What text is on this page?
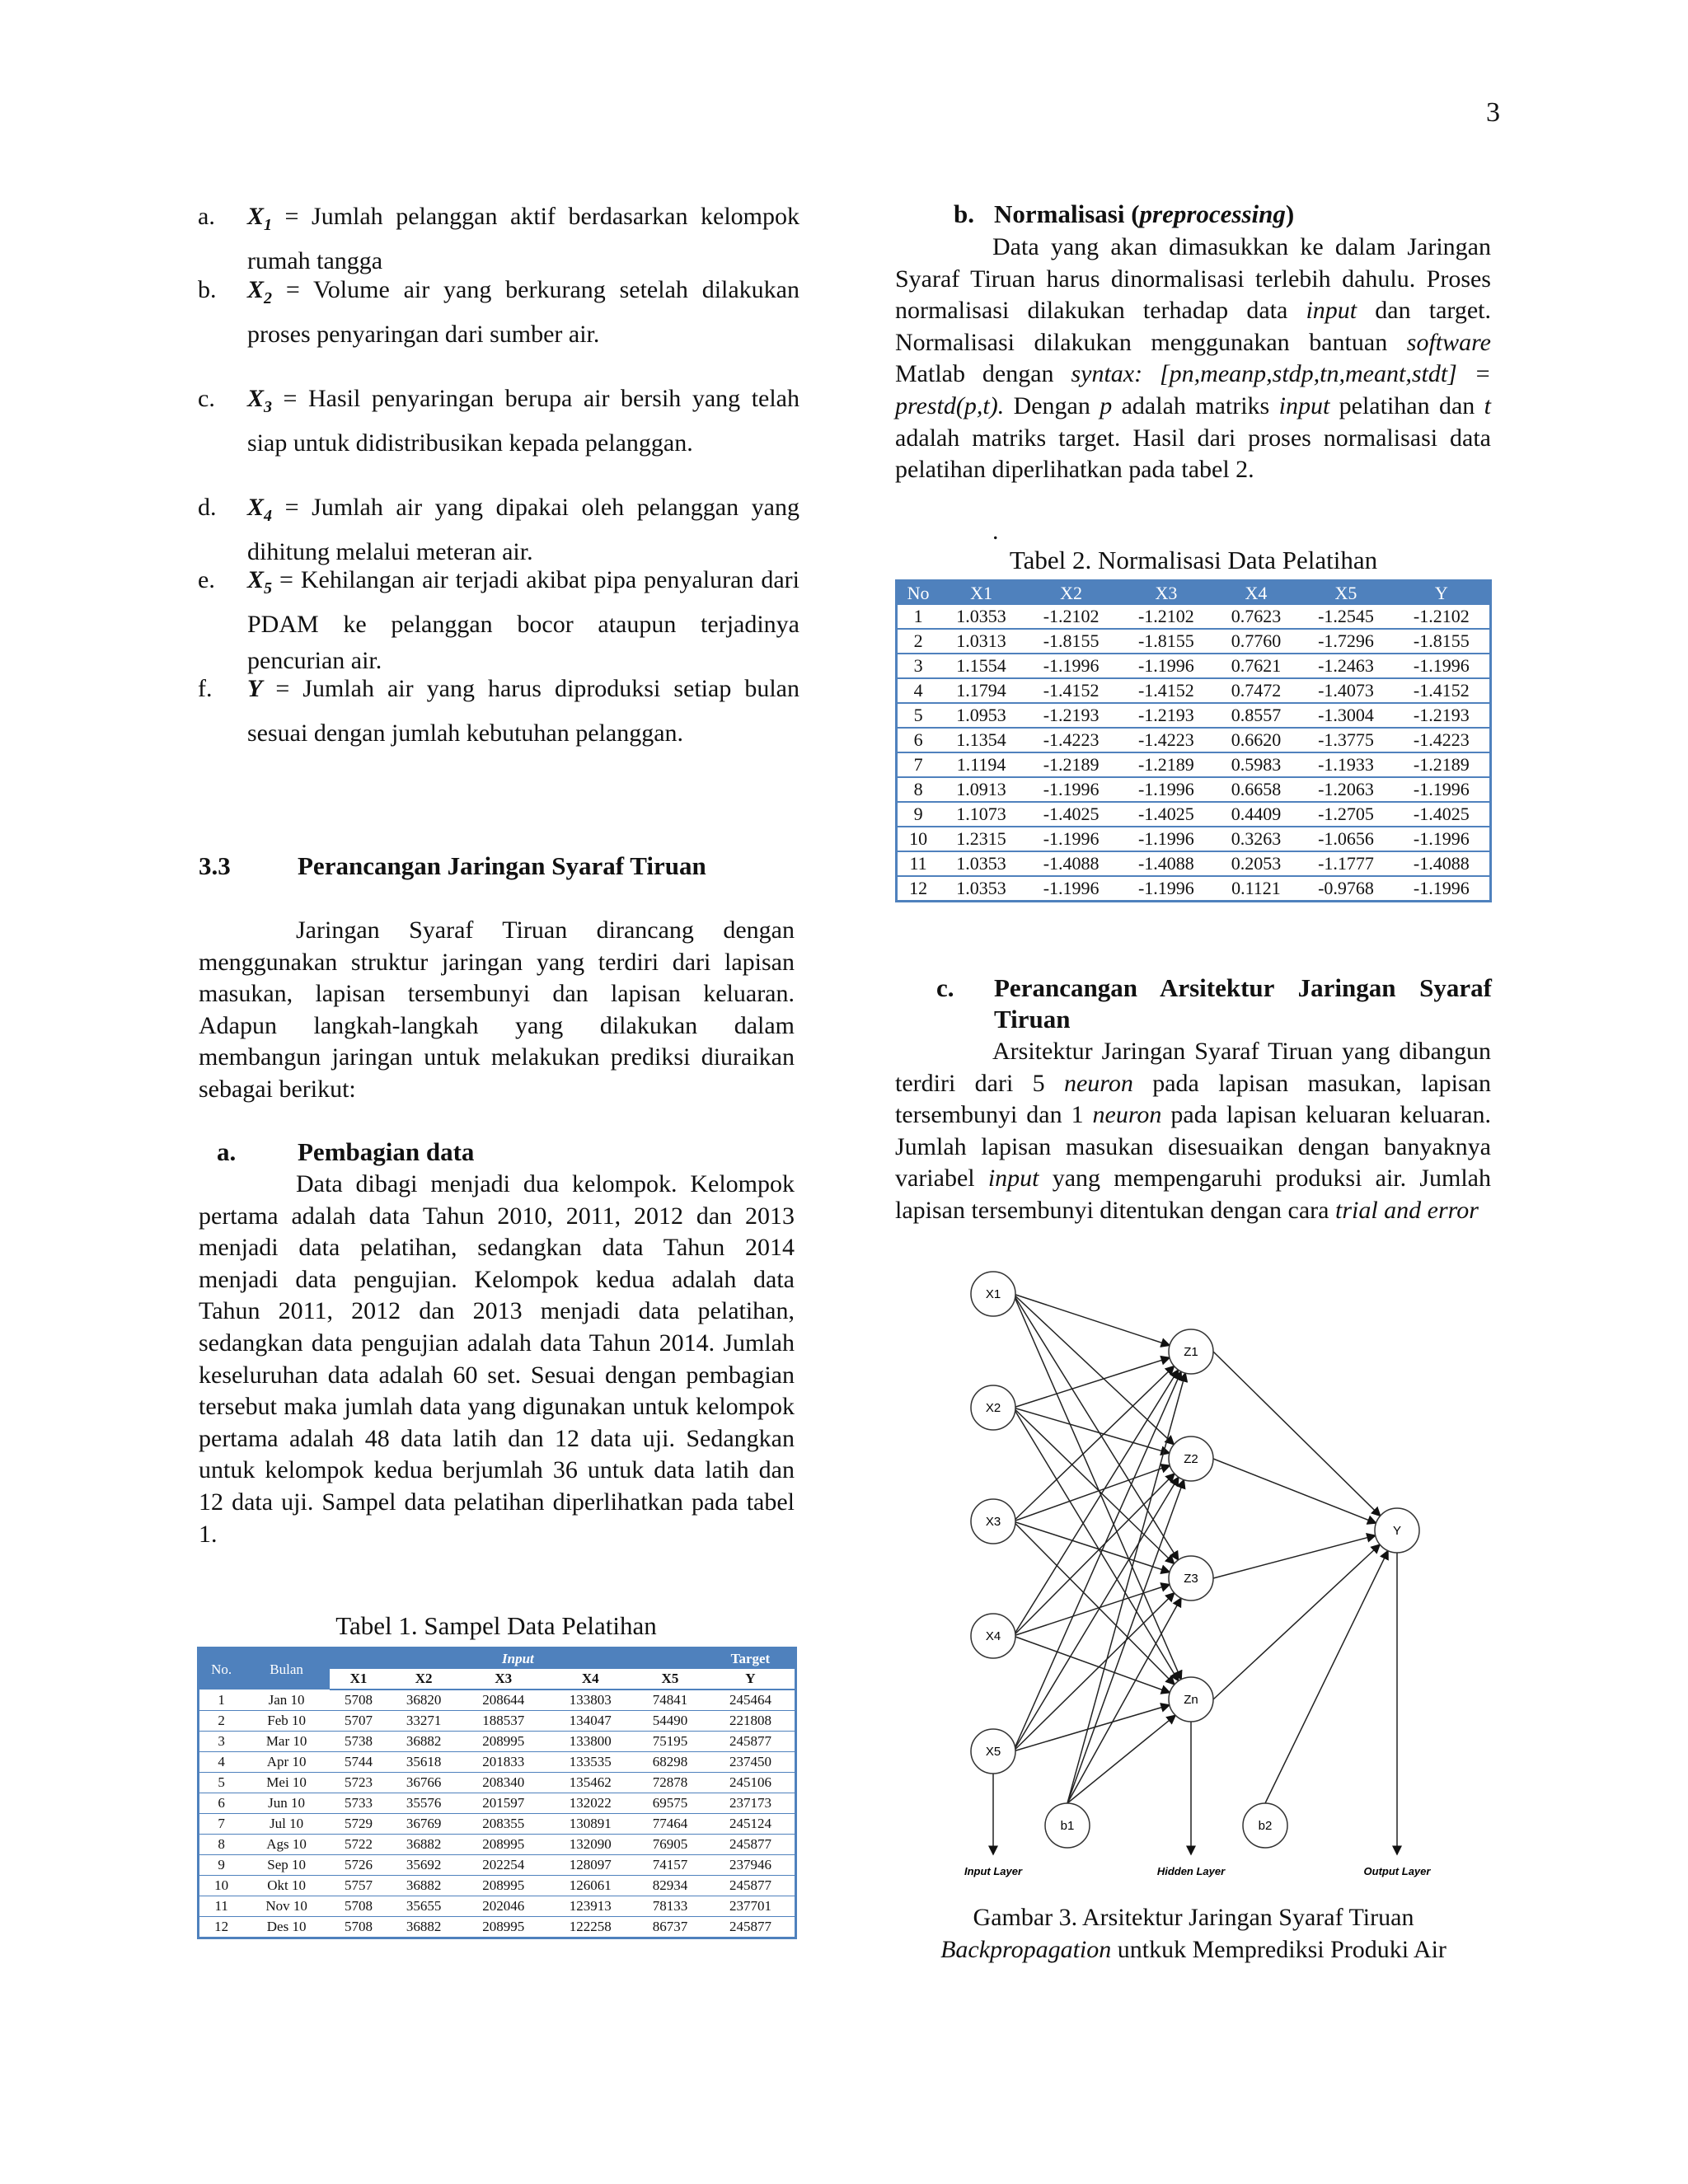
3
a. $X_1$ = Jumlah pelanggan aktif berdasarkan kelompok rumah tangga
b. $X_2$ = Volume air yang berkurang setelah dilakukan proses penyaringan dari sumber air.
c. $X_3$ = Hasil penyaringan berupa air bersih yang telah siap untuk didistribusikan kepada pelanggan.
d. $X_4$ = Jumlah air yang dipakai oleh pelanggan yang dihitung melalui meteran air.
e. $X_5$ = Kehilangan air terjadi akibat pipa penyaluran dari PDAM ke pelanggan bocor ataupun terjadinya pencurian air.
f. Y = Jumlah air yang harus diproduksi setiap bulan sesuai dengan jumlah kebutuhan pelanggan.
3.3	Perancangan Jaringan Syaraf Tiruan
Jaringan Syaraf Tiruan dirancang dengan menggunakan struktur jaringan yang terdiri dari lapisan masukan, lapisan tersembunyi dan lapisan keluaran. Adapun langkah-langkah yang dilakukan dalam membangun jaringan untuk melakukan prediksi diuraikan sebagai berikut:
a. Pembagian data
Data dibagi menjadi dua kelompok. Kelompok pertama adalah data Tahun 2010, 2011, 2012 dan 2013 menjadi data pelatihan, sedangkan data Tahun 2014 menjadi data pengujian. Kelompok kedua adalah data Tahun 2011, 2012 dan 2013 menjadi data pelatihan, sedangkan data pengujian adalah data Tahun 2014. Jumlah keseluruhan data adalah 60 set. Sesuai dengan pembagian tersebut maka jumlah data yang digunakan untuk kelompok pertama adalah 48 data latih dan 12 data uji. Sedangkan untuk kelompok kedua berjumlah 36 untuk data latih dan 12 data uji. Sampel data pelatihan diperlihatkan pada tabel 1.
Tabel 1. Sampel Data Pelatihan
No.	Bulan	Input					Target
		X1	X2	X3	X4	X5	Y
1	Jan 10	5708	36820	208644	133803	74841	245464
2	Feb 10	5707	33271	188537	134047	54490	221808
3	Mar 10	5738	36882	208995	133800	75195	245877
4	Apr 10	5744	35618	201833	133535	68298	237450
5	Mei 10	5723	36766	208340	135462	72878	245106
6	Jun 10	5733	35576	201597	132022	69575	237173
7	Jul 10	5729	36769	208355	130891	77464	245124
8	Ags 10	5722	36882	208995	132090	76905	245877
9	Sep 10	5726	35692	202254	128097	74157	237946
10	Okt 10	5757	36882	208995	126061	82934	245877
11	Nov 10	5708	35655	202046	123913	78133	237701
12	Des 10	5708	36882	208995	122258	86737	245877
b. Normalisasi (preprocessing)
Data yang akan dimasukkan ke dalam Jaringan Syaraf Tiruan harus dinormalisasi terlebih dahulu. Proses normalisasi dilakukan terhadap data input dan target. Normalisasi dilakukan menggunakan bantuan software Matlab dengan syntax: [pn,meanp,stdp,tn,meant,stdt] = prestd(p,t). Dengan p adalah matriks input pelatihan dan t adalah matriks target. Hasil dari proses normalisasi data pelatihan diperlihatkan pada tabel 2.
.
Tabel 2. Normalisasi Data Pelatihan
No	X1	X2	X3	X4	X5	Y
1	1.0353	-1.2102	-1.2102	0.7623	-1.2545	-1.2102
2	1.0313	-1.8155	-1.8155	0.7760	-1.7296	-1.8155
3	1.1554	-1.1996	-1.1996	0.7621	-1.2463	-1.1996
4	1.1794	-1.4152	-1.4152	0.7472	-1.4073	-1.4152
5	1.0953	-1.2193	-1.2193	0.8557	-1.3004	-1.2193
6	1.1354	-1.4223	-1.4223	0.6620	-1.3775	-1.4223
7	1.1194	-1.2189	-1.2189	0.5983	-1.1933	-1.2189
8	1.0913	-1.1996	-1.1996	0.6658	-1.2063	-1.1996
9	1.1073	-1.4025	-1.4025	0.4409	-1.2705	-1.4025
10	1.2315	-1.1996	-1.1996	0.3263	-1.0656	-1.1996
11	1.0353	-1.4088	-1.4088	0.2053	-1.1777	-1.4088
12	1.0353	-1.1996	-1.1996	0.1121	-0.9768	-1.1996
c. Perancangan Arsitektur Jaringan Syaraf
Tiruan
Arsitektur Jaringan Syaraf Tiruan yang dibangun terdiri dari 5 neuron pada lapisan masukan, lapisan tersembunyi dan 1 neuron pada lapisan keluaran keluaran. Jumlah lapisan masukan disesuaikan dengan banyaknya variabel input yang mempengaruhi produksi air. Jumlah lapisan tersembunyi ditentukan dengan cara trial and error
X1
X2
X3
X4
X5
Z1
Z2
Z3
Zn
Y
b1	b2
Input Layer	Hidden Layer	Output Layer
Gambar 3. Arsitektur Jaringan Syaraf Tiruan
Backpropagation untkuk Memprediksi Produki Air
